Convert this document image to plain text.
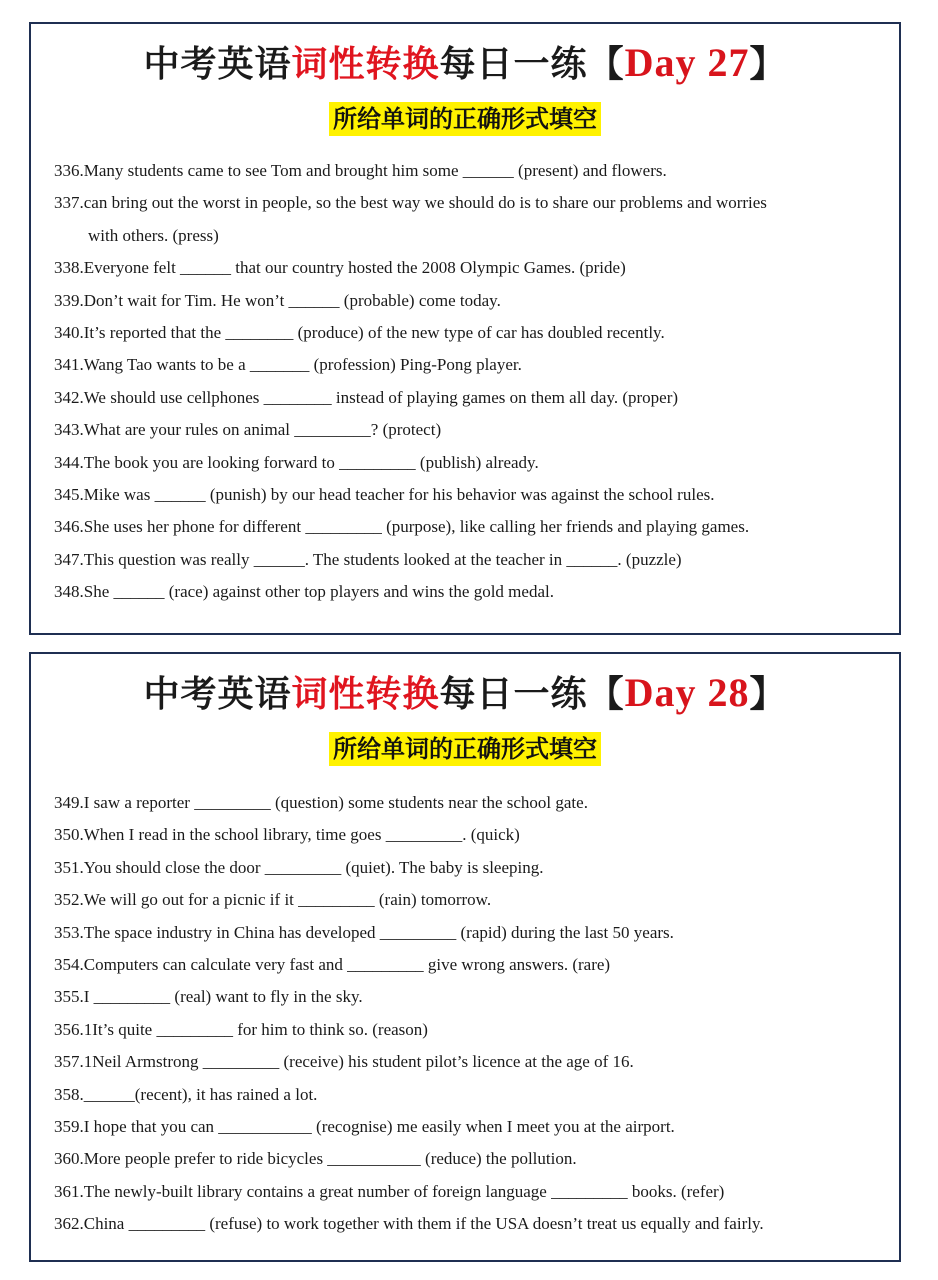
中考英语词性转换每日一练【Day 27】
所给单词的正确形式填空
336.Many students came to see Tom and brought him some ______ (present) and flowers.
337.can bring out the worst in people, so the best way we should do is to share our problems and worries
with others. (press)
338.Everyone felt ______ that our country hosted the 2008 Olympic Games. (pride)
339.Don’t wait for Tim. He won’t ______ (probable) come today.
340.It’s reported that the ________ (produce) of the new type of car has doubled recently.
341.Wang Tao wants to be a _______ (profession) Ping-Pong player.
342.We should use cellphones ________ instead of playing games on them all day. (proper)
343.What are your rules on animal _________? (protect)
344.The book you are looking forward to _________ (publish) already.
345.Mike was ______ (punish) by our head teacher for his behavior was against the school rules.
346.She uses her phone for different _________ (purpose), like calling her friends and playing games.
347.This question was really ______. The students looked at the teacher in ______. (puzzle)
348.She ______ (race) against other top players and wins the gold medal.
中考英语词性转换每日一练【Day 28】
所给单词的正确形式填空
349.I saw a reporter _________ (question) some students near the school gate.
350.When I read in the school library, time goes _________. (quick)
351.You should close the door _________ (quiet). The baby is sleeping.
352.We will go out for a picnic if it _________ (rain) tomorrow.
353.The space industry in China has developed _________ (rapid) during the last 50 years.
354.Computers can calculate very fast and _________ give wrong answers. (rare)
355.I _________ (real) want to fly in the sky.
356.1It’s quite _________ for him to think so. (reason)
357.1Neil Armstrong _________ (receive) his student pilot’s licence at the age of 16.
358.______(recent), it has rained a lot.
359.I hope that you can ___________ (recognise) me easily when I meet you at the airport.
360.More people prefer to ride bicycles ___________ (reduce) the pollution.
361.The newly-built library contains a great number of foreign language _________ books. (refer)
362.China _________ (refuse) to work together with them if the USA doesn’t treat us equally and fairly.
